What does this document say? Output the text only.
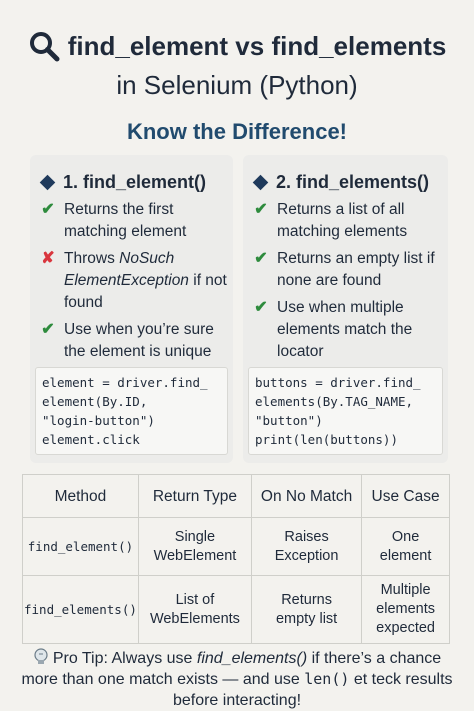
find_element vs find_elements
in Selenium (Python)
Know the Difference!
1. find_element()
✔ Returns the first matching element
✘ Throws NoSuch ElementException if not found
✔ Use when you’re sure the element is unique
element = driver.find_
element(By.ID,
"login-button")
element.click
2. find_elements()
✔ Returns a list of all matching elements
✔ Returns an empty list if none are found
✔ Use when multiple elements match the locator
buttons = driver.find_
elements(By.TAG_NAME,
"button")
print(len(buttons))
Method	Return Type	On No Match	Use Case
find_element()	Single WebElement	Raises Exception	One element
find_elements()	List of WebElements	Returns empty list	Multiple elements expected
Pro Tip: Always use find_elements() if there’s a chance more than one match exists — and use len() et teck results before interacting!
